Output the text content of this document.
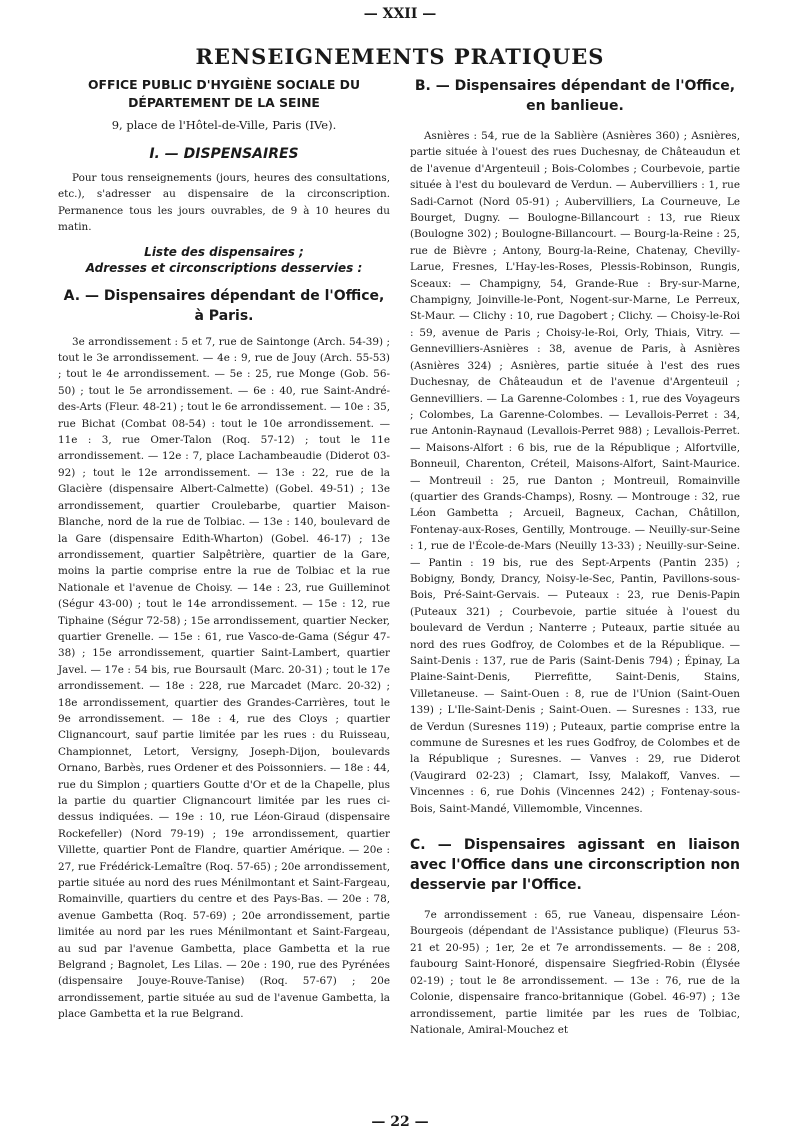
— XXII —
RENSEIGNEMENTS PRATIQUES

OFFICE PUBLIC D'HYGIÈNE SOCIALE DU DÉPARTEMENT DE LA SEINE

9, place de l'Hôtel-de-Ville, Paris (IVe).

I. — DISPENSAIRES

Pour tous renseignements (jours, heures des consultations, etc.), s'adresser au dispensaire de la circonscription. Permanence tous les jours ouvrables, de 9 à 10 heures du matin.

Liste des dispensaires ;
Adresses et circonscriptions desservies :

A. — Dispensaires dépendant de l'Office, à Paris.

3e arrondissement : 5 et 7, rue de Saintonge (Arch. 54-39) ; tout le 3e arrondissement. — 4e : 9, rue de Jouy (Arch. 55-53) ; tout le 4e arrondissement. — 5e : 25, rue Monge (Gob. 56-50) ; tout le 5e arrondissement. — 6e : 40, rue Saint-André-des-Arts (Fleur. 48-21) ; tout le 6e arrondissement. — 10e : 35, rue Bichat (Combat 08-54) : tout le 10e arrondissement. — 11e : 3, rue Omer-Talon (Roq. 57-12) ; tout le 11e arrondissement. — 12e : 7, place Lachambeaudie (Diderot 03-92) ; tout le 12e arrondissement. — 13e : 22, rue de la Glacière (dispensaire Albert-Calmette) (Gobel. 49-51) ; 13e arrondissement, quartier Croulebarbe, quartier Maison-Blanche, nord de la rue de Tolbiac. — 13e : 140, boulevard de la Gare (dispensaire Edith-Wharton) (Gobel. 46-17) ; 13e arrondissement, quartier Salpêtrière, quartier de la Gare, moins la partie comprise entre la rue de Tolbiac et la rue Nationale et l'avenue de Choisy. — 14e : 23, rue Guilleminot (Ségur 43-00) ; tout le 14e arrondissement. — 15e : 12, rue Tiphaine (Ségur 72-58) ; 15e arrondissement, quartier Necker, quartier Grenelle. — 15e : 61, rue Vasco-de-Gama (Ségur 47-38) ; 15e arrondissement, quartier Saint-Lambert, quartier Javel. — 17e : 54 bis, rue Boursault (Marc. 20-31) ; tout le 17e arrondissement. — 18e : 228, rue Marcadet (Marc. 20-32) ; 18e arrondissement, quartier des Grandes-Carrières, tout le 9e arrondissement. — 18e : 4, rue des Cloys ; quartier Clignancourt, sauf partie limitée par les rues : du Ruisseau, Championnet, Letort, Versigny, Joseph-Dijon, boulevards Ornano, Barbès, rues Ordener et des Poissonniers. — 18e : 44, rue du Simplon ; quartiers Goutte d'Or et de la Chapelle, plus la partie du quartier Clignancourt limitée par les rues ci-dessus indiquées. — 19e : 10, rue Léon-Giraud (dispensaire Rockefeller) (Nord 79-19) ; 19e arrondissement, quartier Villette, quartier Pont de Flandre, quartier Amérique. — 20e : 27, rue Frédérick-Lemaître (Roq. 57-65) ; 20e arrondissement, partie située au nord des rues Ménilmontant et Saint-Fargeau, Romainville, quartiers du centre et des Pays-Bas. — 20e : 78, avenue Gambetta (Roq. 57-69) ; 20e arrondissement, partie limitée au nord par les rues Ménilmontant et Saint-Fargeau, au sud par l'avenue Gambetta, place Gambetta et la rue Belgrand ; Bagnolet, Les Lilas. — 20e : 190, rue des Pyrénées (dispensaire Jouye-Rouve-Tanise) (Roq. 57-67) ; 20e arrondissement, partie située au sud de l'avenue Gambetta, la place Gambetta et la rue Belgrand.

B. — Dispensaires dépendant de l'Office, en banlieue.

Asnières : 54, rue de la Sablière (Asnières 360) ; Asnières, partie située à l'ouest des rues Duchesnay, de Châteaudun et de l'avenue d'Argenteuil ; Bois-Colombes ; Courbevoie, partie située à l'est du boulevard de Verdun. — Aubervilliers : 1, rue Sadi-Carnot (Nord 05-91) ; Aubervilliers, La Courneuve, Le Bourget, Dugny. — Boulogne-Billancourt : 13, rue Rieux (Boulogne 302) ; Boulogne-Billancourt. — Bourg-la-Reine : 25, rue de Bièvre ; Antony, Bourg-la-Reine, Chatenay, Chevilly-Larue, Fresnes, L'Hay-les-Roses, Plessis-Robinson, Rungis, Sceaux: — Champigny, 54, Grande-Rue : Bry-sur-Marne, Champigny, Joinville-le-Pont, Nogent-sur-Marne, Le Perreux, St-Maur. — Clichy : 10, rue Dagobert ; Clichy. — Choisy-le-Roi : 59, avenue de Paris ; Choisy-le-Roi, Orly, Thiais, Vitry. — Gennevilliers-Asnières : 38, avenue de Paris, à Asnières (Asnières 324) ; Asnières, partie située à l'est des rues Duchesnay, de Châteaudun et de l'avenue d'Argenteuil ; Gennevilliers. — La Garenne-Colombes : 1, rue des Voyageurs ; Colombes, La Garenne-Colombes. — Levallois-Perret : 34, rue Antonin-Raynaud (Levallois-Perret 988) ; Levallois-Perret. — Maisons-Alfort : 6 bis, rue de la République ; Alfortville, Bonneuil, Charenton, Créteil, Maisons-Alfort, Saint-Maurice. — Montreuil : 25, rue Danton ; Montreuil, Romainville (quartier des Grands-Champs), Rosny. — Montrouge : 32, rue Léon Gambetta ; Arcueil, Bagneux, Cachan, Châtillon, Fontenay-aux-Roses, Gentilly, Montrouge. — Neuilly-sur-Seine : 1, rue de l'École-de-Mars (Neuilly 13-33) ; Neuilly-sur-Seine. — Pantin : 19 bis, rue des Sept-Arpents (Pantin 235) ; Bobigny, Bondy, Drancy, Noisy-le-Sec, Pantin, Pavillons-sous-Bois, Pré-Saint-Gervais. — Puteaux : 23, rue Denis-Papin (Puteaux 321) ; Courbevoie, partie située à l'ouest du boulevard de Verdun ; Nanterre ; Puteaux, partie située au nord des rues Godfroy, de Colombes et de la République. — Saint-Denis : 137, rue de Paris (Saint-Denis 794) ; Épinay, La Plaine-Saint-Denis, Pierrefitte, Saint-Denis, Stains, Villetaneuse. — Saint-Ouen : 8, rue de l'Union (Saint-Ouen 139) ; L'Ile-Saint-Denis ; Saint-Ouen. — Suresnes : 133, rue de Verdun (Suresnes 119) ; Puteaux, partie comprise entre la commune de Suresnes et les rues Godfroy, de Colombes et de la République ; Suresnes. — Vanves : 29, rue Diderot (Vaugirard 02-23) ; Clamart, Issy, Malakoff, Vanves. — Vincennes : 6, rue Dohis (Vincennes 242) ; Fontenay-sous-Bois, Saint-Mandé, Villemomble, Vincennes.

C. — Dispensaires agissant en liaison avec l'Office dans une circonscription non desservie par l'Office.

7e arrondissement : 65, rue Vaneau, dispensaire Léon-Bourgeois (dépendant de l'Assistance publique) (Fleurus 53-21 et 20-95) ; 1er, 2e et 7e arrondissements. — 8e : 208, faubourg Saint-Honoré, dispensaire Siegfried-Robin (Élysée 02-19) ; tout le 8e arrondissement. — 13e : 76, rue de la Colonie, dispensaire franco-britannique (Gobel. 46-97) ; 13e arrondissement, partie limitée par les rues de Tolbiac, Nationale, Amiral-Mouchez et

— 22 —
